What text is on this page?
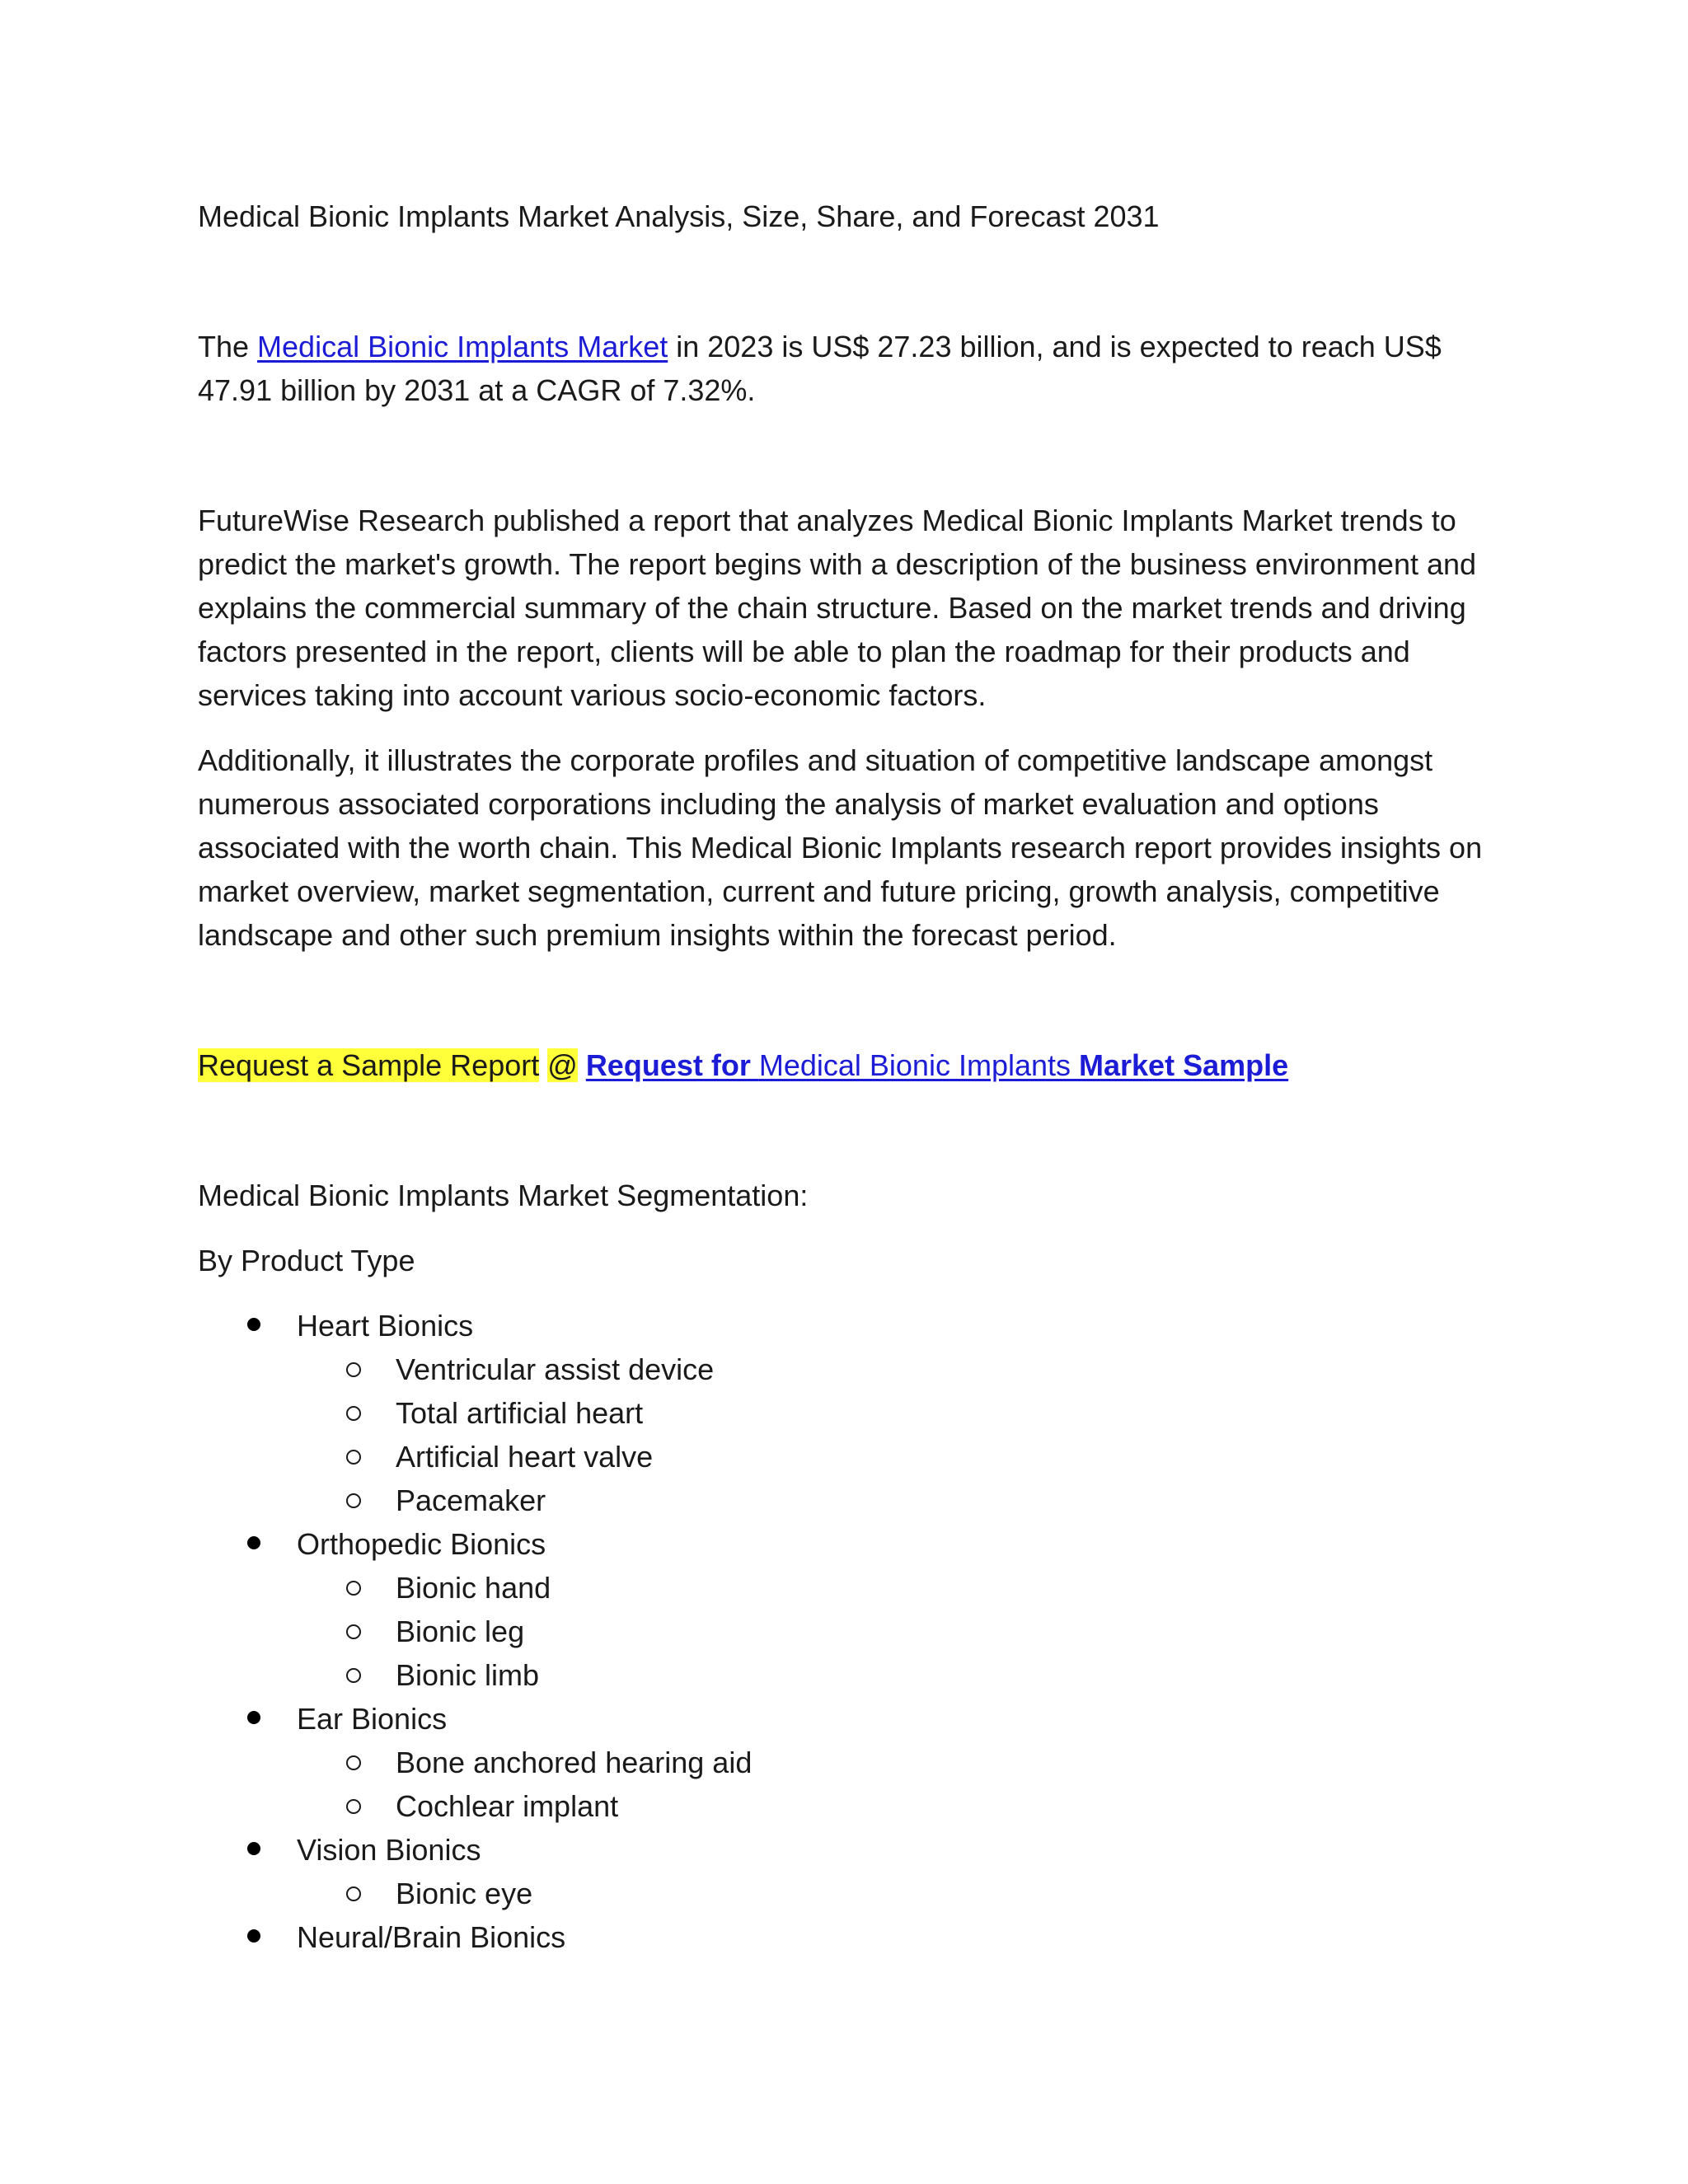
Medical Bionic Implants Market Analysis, Size, Share, and Forecast 2031

The Medical Bionic Implants Market in 2023 is US$ 27.23 billion, and is expected to reach US$ 47.91 billion by 2031 at a CAGR of 7.32%.

FutureWise Research published a report that analyzes Medical Bionic Implants Market trends to predict the market's growth. The report begins with a description of the business environment and explains the commercial summary of the chain structure. Based on the market trends and driving factors presented in the report, clients will be able to plan the roadmap for their products and services taking into account various socio-economic factors.

Additionally, it illustrates the corporate profiles and situation of competitive landscape amongst numerous associated corporations including the analysis of market evaluation and options associated with the worth chain. This Medical Bionic Implants research report provides insights on market overview, market segmentation, current and future pricing, growth analysis, competitive landscape and other such premium insights within the forecast period.

Request a Sample Report @ Request for Medical Bionic Implants Market Sample

Medical Bionic Implants Market Segmentation:

By Product Type

Heart Bionics
Ventricular assist device
Total artificial heart
Artificial heart valve
Pacemaker
Orthopedic Bionics
Bionic hand
Bionic leg
Bionic limb
Ear Bionics
Bone anchored hearing aid
Cochlear implant
Vision Bionics
Bionic eye
Neural/Brain Bionics
